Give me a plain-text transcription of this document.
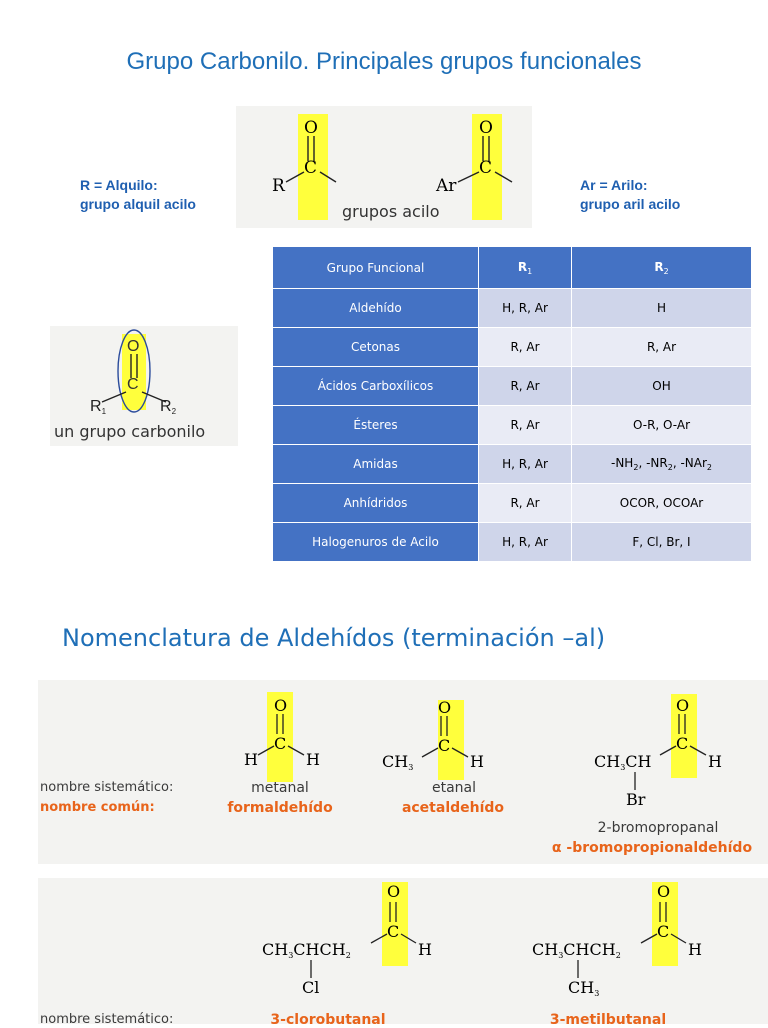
Grupo Carbonilo. Principales grupos funcionales
R = Alquilo:
grupo alquil acilo
Ar = Arilo:
grupo aril acilo
O
C
R
O
C
Ar
grupos acilo
O
C
$R_1$	$R_2$
un grupo carbonilo
Grupo Funcional	$R_1$	$R_2$
Aldehído	H, R, Ar	H
Cetonas	R, Ar	R, Ar
Ácidos Carboxílicos	R, Ar	OH
Ésteres	R, Ar	O-R, O-Ar
Amidas	H, R, Ar	$-NH_2$, $-NR_2$, -NAr$_2$
Anhídridos	R, Ar	OCOR, OCOAr
Halogenuros de Acilo	H, R, Ar	F, Cl, Br, I
Nomenclatura de Aldehídos (terminación –al)
nombre sistemático:
nombre común:
O
C
H	H
O
C
$CH_3$	H
O
C
$CH_3CH$	H
Br
metanal
formaldehído
etanal
acetaldehído
2-bromopropanal
α -bromopropionaldehído
O
C
$CH_3CHCH_2$	H
Cl
O
C
$CH_3CHCH_2$	H
$CH_3$
nombre sistemático:	3-clorobutanal	3-metilbutanal
